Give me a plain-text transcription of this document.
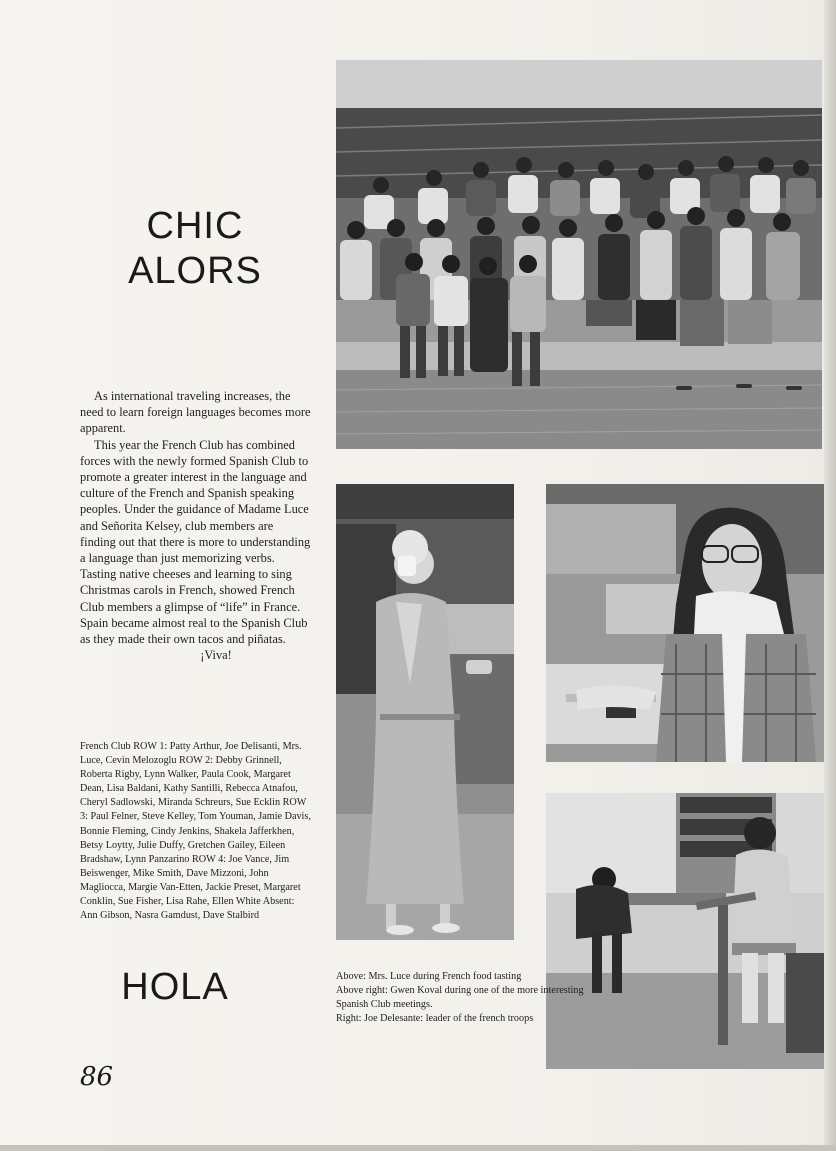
CHIC
ALORS

As international traveling increases, the need to learn foreign languages becomes more apparent.

This year the French Club has combined forces with the newly formed Spanish Club to promote a greater interest in the language and culture of the French and Spanish speaking peoples. Under the guidance of Madame Luce and Señorita Kelsey, club members are finding out that there is more to understanding a language than just memorizing verbs. Tasting native cheeses and learning to sing Christmas carols in French, showed French Club members a glimpse of “life” in France. Spain became almost real to the Spanish Club as they made their own tacos and piñatas.

¡Viva!

French Club ROW 1: Patty Arthur, Joe Delisanti, Mrs. Luce, Cevin Melozoglu ROW 2: Debby Grinnell, Roberta Rigby, Lynn Walker, Paula Cook, Margaret Dean, Lisa Baldani, Kathy Santilli, Rebecca Atnafou, Cheryl Sadlowski, Miranda Schreurs, Sue Ecklin ROW 3: Paul Felner, Steve Kelley, Tom Youman, Jamie Davis, Bonnie Fleming, Cindy Jenkins, Shakela Jafferkhen, Betsy Loytty, Julie Duffy, Gretchen Gailey, Eileen Bradshaw, Lynn Panzarino ROW 4: Joe Vance, Jim Beiswenger, Mike Smith, Dave Mizzoni, John Magliocca, Margie Van-Etten, Jackie Preset, Margaret Conklin, Sue Fisher, Lisa Rahe, Ellen White Absent: Ann Gibson, Nasra Gamdust, Dave Stalbird
HOLA	Above: Mrs. Luce during French food tasting
Above right: Gwen Koval during one of the more interesting Spanish Club meetings.
Right: Joe Delesante: leader of the french troops
86
